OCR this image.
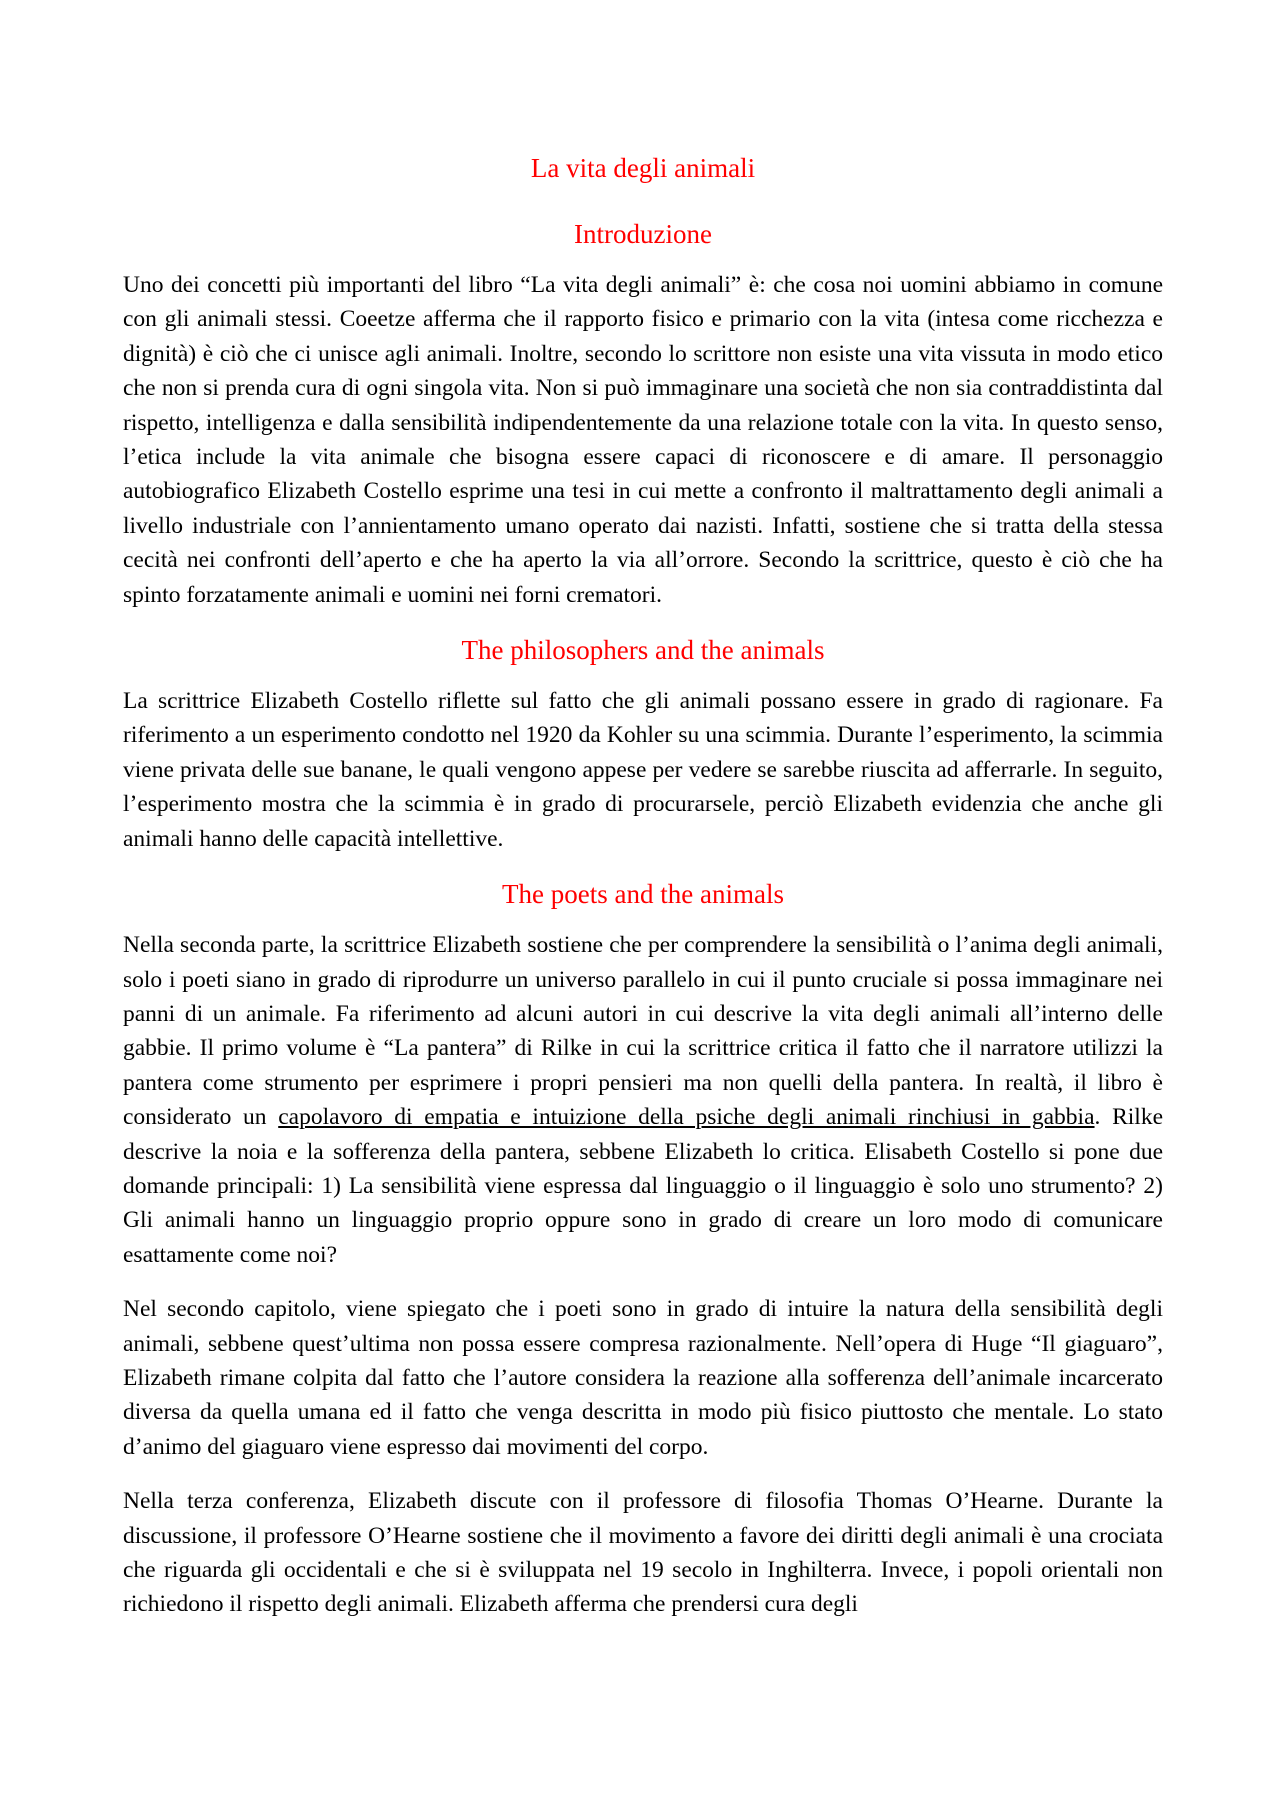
La vita degli animali
Introduzione

Uno dei concetti più importanti del libro “La vita degli animali” è: che cosa noi uomini abbiamo in comune con gli animali stessi. Coeetze afferma che il rapporto fisico e primario con la vita (intesa come ricchezza e dignità) è ciò che ci unisce agli animali. Inoltre, secondo lo scrittore non esiste una vita vissuta in modo etico che non si prenda cura di ogni singola vita. Non si può immaginare una società che non sia contraddistinta dal rispetto, intelligenza e dalla sensibilità indipendentemente da una relazione totale con la vita. In questo senso, l’etica include la vita animale che bisogna essere capaci di riconoscere e di amare. Il personaggio autobiografico Elizabeth Costello esprime una tesi in cui mette a confronto il maltrattamento degli animali a livello industriale con l’annientamento umano operato dai nazisti. Infatti, sostiene che si tratta della stessa cecità nei confronti dell’aperto e che ha aperto la via all’orrore. Secondo la scrittrice, questo è ciò che ha spinto forzatamente animali e uomini nei forni crematori.

The philosophers and the animals

La scrittrice Elizabeth Costello riflette sul fatto che gli animali possano essere in grado di ragionare. Fa riferimento a un esperimento condotto nel 1920 da Kohler su una scimmia. Durante l’esperimento, la scimmia viene privata delle sue banane, le quali vengono appese per vedere se sarebbe riuscita ad afferrarle. In seguito, l’esperimento mostra che la scimmia è in grado di procurarsele, perciò Elizabeth evidenzia che anche gli animali hanno delle capacità intellettive.

The poets and the animals

Nella seconda parte, la scrittrice Elizabeth sostiene che per comprendere la sensibilità o l’anima degli animali, solo i poeti siano in grado di riprodurre un universo parallelo in cui il punto cruciale si possa immaginare nei panni di un animale. Fa riferimento ad alcuni autori in cui descrive la vita degli animali all’interno delle gabbie. Il primo volume è “La pantera” di Rilke in cui la scrittrice critica il fatto che il narratore utilizzi la pantera come strumento per esprimere i propri pensieri ma non quelli della pantera. In realtà, il libro è considerato un capolavoro di empatia e intuizione della psiche degli animali rinchiusi in gabbia. Rilke descrive la noia e la sofferenza della pantera, sebbene Elizabeth lo critica. Elisabeth Costello si pone due domande principali: 1) La sensibilità viene espressa dal linguaggio o il linguaggio è solo uno strumento? 2) Gli animali hanno un linguaggio proprio oppure sono in grado di creare un loro modo di comunicare esattamente come noi?

Nel secondo capitolo, viene spiegato che i poeti sono in grado di intuire la natura della sensibilità degli animali, sebbene quest’ultima non possa essere compresa razionalmente. Nell’opera di Huge “Il giaguaro”, Elizabeth rimane colpita dal fatto che l’autore considera la reazione alla sofferenza dell’animale incarcerato diversa da quella umana ed il fatto che venga descritta in modo più fisico piuttosto che mentale. Lo stato d’animo del giaguaro viene espresso dai movimenti del corpo.

Nella terza conferenza, Elizabeth discute con il professore di filosofia Thomas O’Hearne. Durante la discussione, il professore O’Hearne sostiene che il movimento a favore dei diritti degli animali è una crociata che riguarda gli occidentali e che si è sviluppata nel 19 secolo in Inghilterra. Invece, i popoli orientali non richiedono il rispetto degli animali. Elizabeth afferma che prendersi cura degli
